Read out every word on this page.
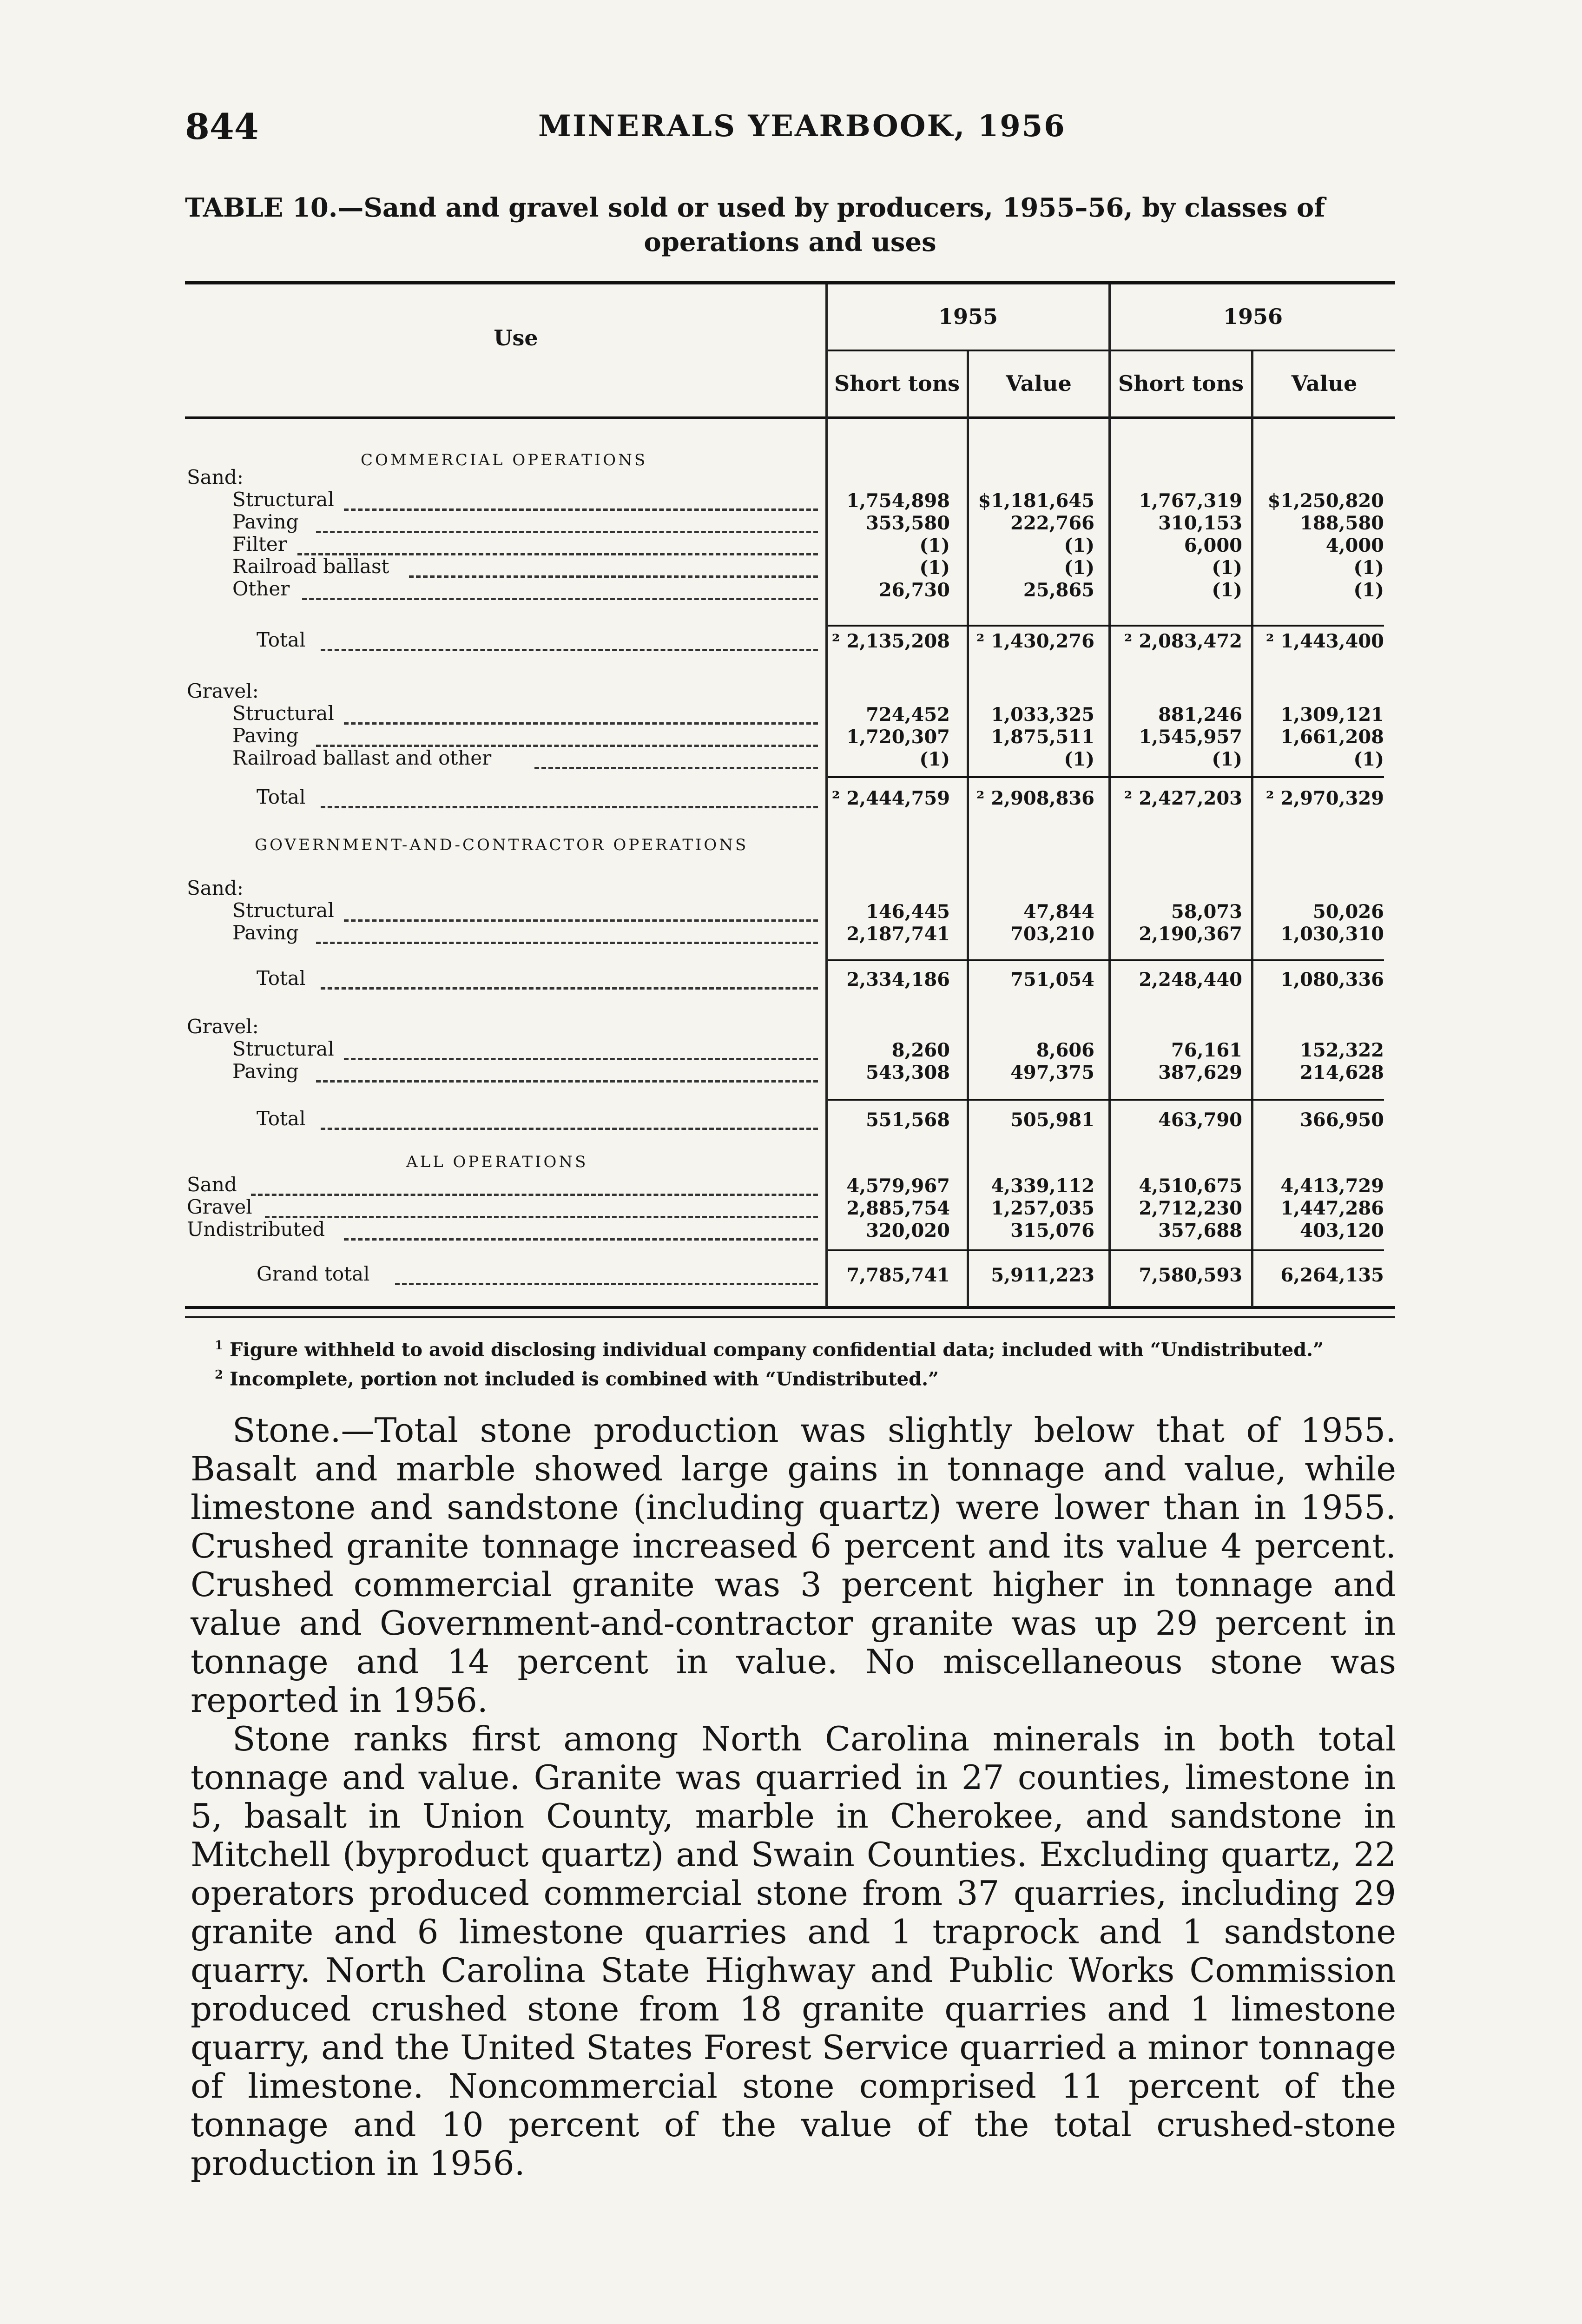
844	MINERALS YEARBOOK, 1956
TABLE 10.—Sand and gravel sold or used by producers, 1955–56, by classes of
operations and uses
Use
1955	1956
Short tons	Value	Short tons	Value
COMMERCIAL OPERATIONS
Sand:
Structural	1,754,898	$1,181,645	1,767,319	$1,250,820
Paving	353,580	222,766	310,153	188,580
Filter	(1)	(1)	6,000	4,000
Railroad ballast	(1)	(1)	(1)	(1)
Other	26,730	25,865	(1)	(1)
Total	² 2,135,208	² 1,430,276	² 2,083,472	² 1,443,400
Gravel:
Structural	724,452	1,033,325	881,246	1,309,121
Paving	1,720,307	1,875,511	1,545,957	1,661,208
Railroad ballast and other	(1)	(1)	(1)	(1)
Total	² 2,444,759	² 2,908,836	² 2,427,203	² 2,970,329
GOVERNMENT-AND-CONTRACTOR OPERATIONS
Sand:
Structural	146,445	47,844	58,073	50,026
Paving	2,187,741	703,210	2,190,367	1,030,310
Total	2,334,186	751,054	2,248,440	1,080,336
Gravel:
Structural	8,260	8,606	76,161	152,322
Paving	543,308	497,375	387,629	214,628
Total	551,568	505,981	463,790	366,950
ALL OPERATIONS
Sand	4,579,967	4,339,112	4,510,675	4,413,729
Gravel	2,885,754	1,257,035	2,712,230	1,447,286
Undistributed	320,020	315,076	357,688	403,120
Grand total	7,785,741	5,911,223	7,580,593	6,264,135
$^1$ Figure withheld to avoid disclosing individual company confidential data; included with “Undistributed.”
$^2$ Incomplete, portion not included is combined with “Undistributed.”

Stone.—Total stone production was slightly below that of 1955. Basalt and marble showed large gains in tonnage and value, while limestone and sandstone (including quartz) were lower than in 1955. Crushed granite tonnage increased 6 percent and its value 4 percent. Crushed commercial granite was 3 percent higher in tonnage and value and Government-and-contractor granite was up 29 percent in tonnage and 14 percent in value. No miscellaneous stone was reported in 1956.

Stone ranks first among North Carolina minerals in both total tonnage and value. Granite was quarried in 27 counties, limestone in 5, basalt in Union County, marble in Cherokee, and sandstone in Mitchell (byproduct quartz) and Swain Counties. Excluding quartz, 22 operators produced commercial stone from 37 quarries, including 29 granite and 6 limestone quarries and 1 traprock and 1 sandstone quarry. North Carolina State Highway and Public Works Commission produced crushed stone from 18 granite quarries and 1 limestone quarry, and the United States Forest Service quarried a minor tonnage of limestone. Noncommercial stone comprised 11 percent of the tonnage and 10 percent of the value of the total crushed-stone production in 1956.
